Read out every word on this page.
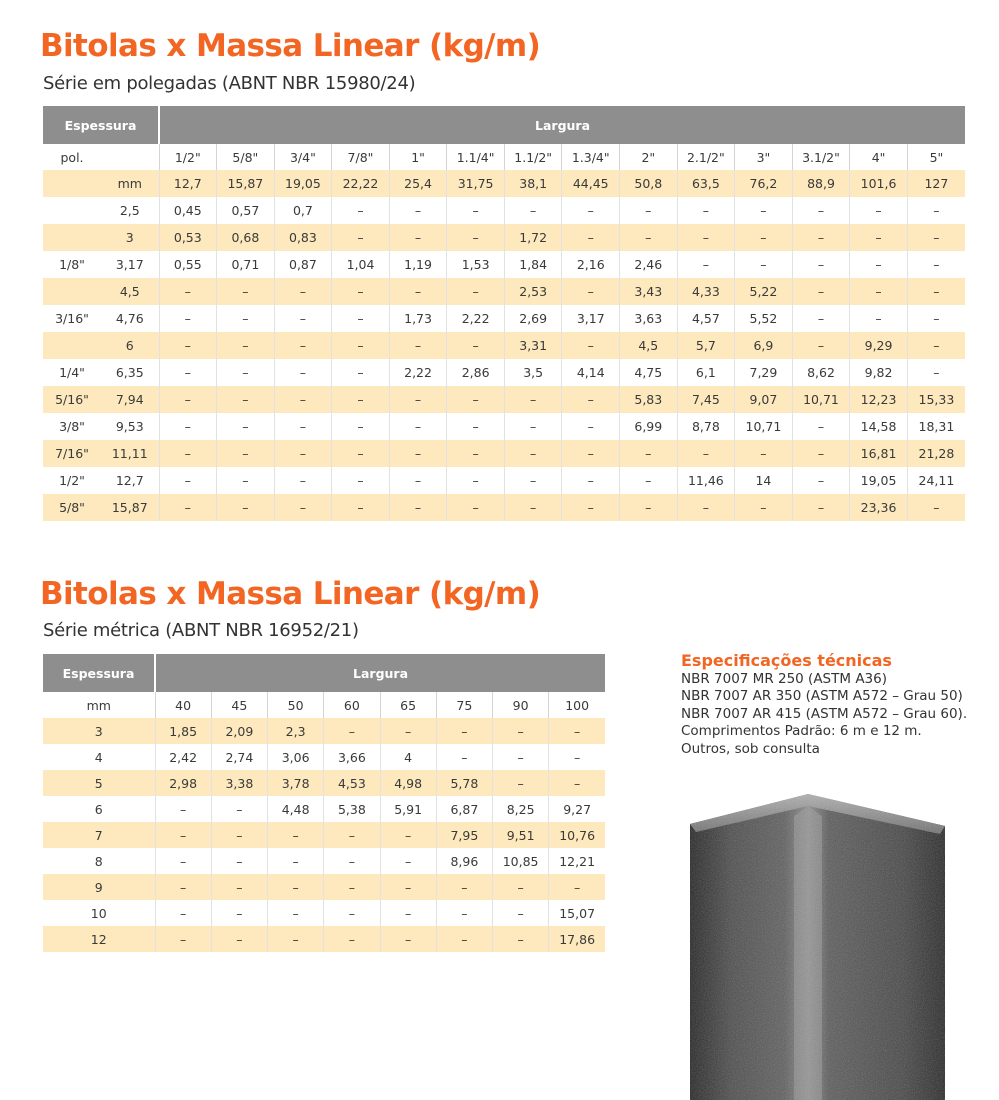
Bitolas x Massa Linear (kg/m)
Série em polegadas (ABNT NBR 15980/24)
Espessura		Largura													
pol.		1/2"	5/8"	3/4"	7/8"	1"	1.1/4"	1.1/2"	1.3/4"	2"	2.1/2"	3"	3.1/2"	4"	5"
	mm	12,7	15,87	19,05	22,22	25,4	31,75	38,1	44,45	50,8	63,5	76,2	88,9	101,6	127
	2,5	0,45	0,57	0,7	–	–	–	–	–	–	–	–	–	–	–
	3	0,53	0,68	0,83	–	–	–	1,72	–	–	–	–	–	–	–
1/8"	3,17	0,55	0,71	0,87	1,04	1,19	1,53	1,84	2,16	2,46	–	–	–	–	–
	4,5	–	–	–	–	–	–	2,53	–	3,43	4,33	5,22	–	–	–
3/16"	4,76	–	–	–	–	1,73	2,22	2,69	3,17	3,63	4,57	5,52	–	–	–
	6	–	–	–	–	–	–	3,31	–	4,5	5,7	6,9	–	9,29	–
1/4"	6,35	–	–	–	–	2,22	2,86	3,5	4,14	4,75	6,1	7,29	8,62	9,82	–
5/16"	7,94	–	–	–	–	–	–	–	–	5,83	7,45	9,07	10,71	12,23	15,33
3/8"	9,53	–	–	–	–	–	–	–	–	6,99	8,78	10,71	–	14,58	18,31
7/16"	11,11	–	–	–	–	–	–	–	–	–	–	–	–	16,81	21,28
1/2"	12,7	–	–	–	–	–	–	–	–	–	11,46	14	–	19,05	24,11
5/8"	15,87	–	–	–	–	–	–	–	–	–	–	–	–	23,36	–
Bitolas x Massa Linear (kg/m)
Série métrica (ABNT NBR 16952/21)
Espessura	Largura							
mm	40	45	50	60	65	75	90	100
3	1,85	2,09	2,3	–	–	–	–	–
4	2,42	2,74	3,06	3,66	4	–	–	–
5	2,98	3,38	3,78	4,53	4,98	5,78	–	–
6	–	–	4,48	5,38	5,91	6,87	8,25	9,27
7	–	–	–	–	–	7,95	9,51	10,76
8	–	–	–	–	–	8,96	10,85	12,21
9	–	–	–	–	–	–	–	–
10	–	–	–	–	–	–	–	15,07
12	–	–	–	–	–	–	–	17,86
Especificações técnicas
NBR 7007 MR 250 (ASTM A36)
NBR 7007 AR 350 (ASTM A572 – Grau 50)
NBR 7007 AR 415 (ASTM A572 – Grau 60).
Comprimentos Padrão: 6 m e 12 m.
Outros, sob consulta
